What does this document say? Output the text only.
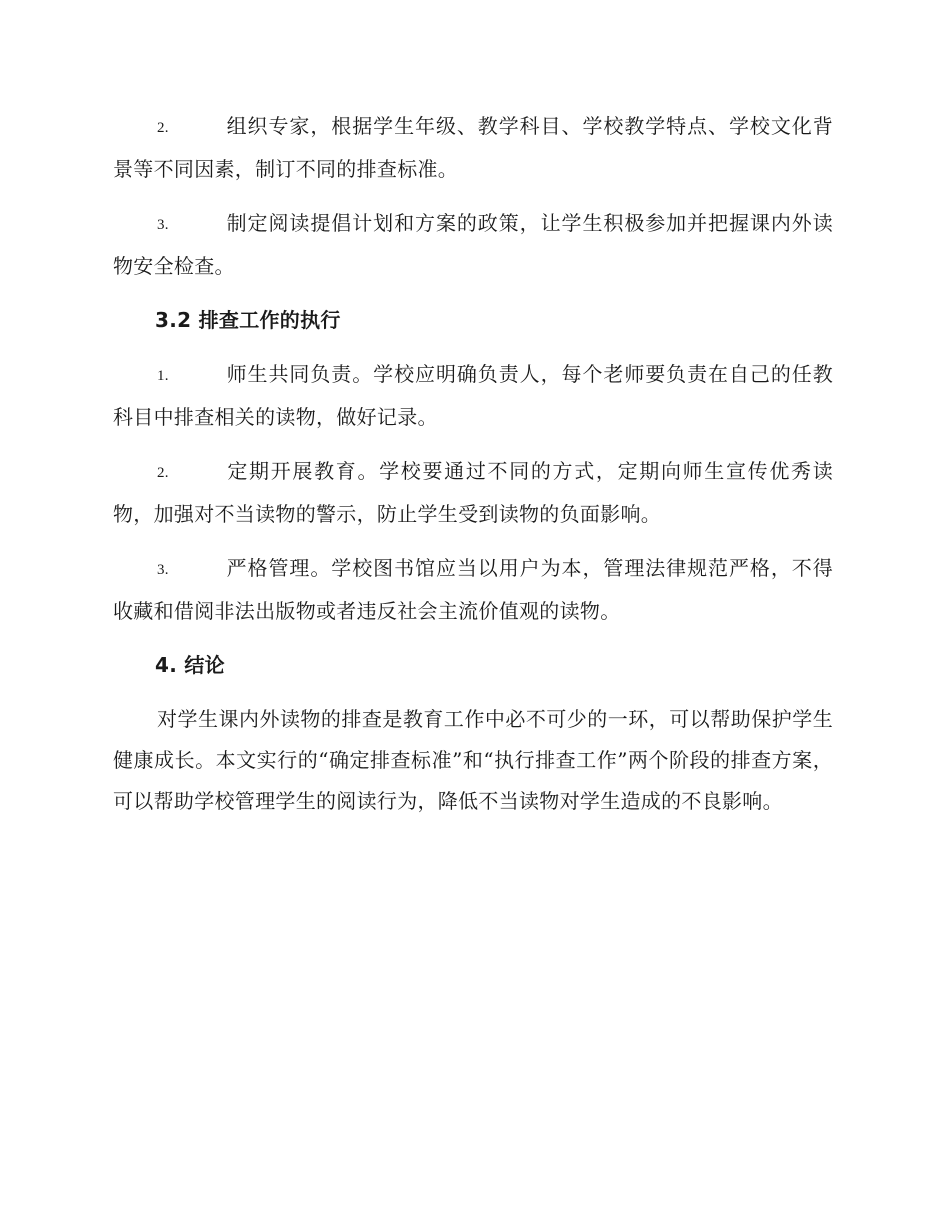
2.	组织专家，根据学生年级、教学科目、学校教学特点、学校文化背景等不同因素，制订不同的排查标准。

3.	制定阅读提倡计划和方案的政策，让学生积极参加并把握课内外读物安全检查。

3.2 排查工作的执行

1.	师生共同负责。学校应明确负责人，每个老师要负责在自己的任教科目中排查相关的读物，做好记录。

2.	定期开展教育。学校要通过不同的方式，定期向师生宣传优秀读物，加强对不当读物的警示，防止学生受到读物的负面影响。

3.	严格管理。学校图书馆应当以用户为本，管理法律规范严格，不得收藏和借阅非法出版物或者违反社会主流价值观的读物。

4. 结论

对学生课内外读物的排查是教育工作中必不可少的一环，可以帮助保护学生健康成长。本文实行的“确定排查标准”和“执行排查工作”两个阶段的排查方案，可以帮助学校管理学生的阅读行为，降低不当读物对学生造成的不良影响。
